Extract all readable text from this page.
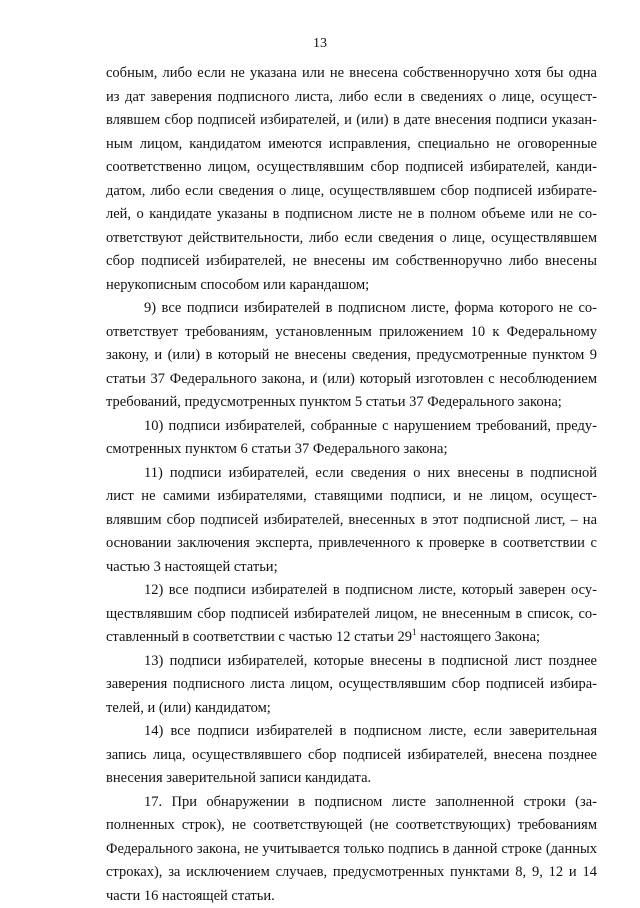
13

собным, либо если не указана или не внесена собственноручно хотя бы одна из дат заверения подписного листа, либо если в сведениях о лице, осуществлявшем сбор подписей избирателей, и (или) в дате внесения подписи указанным лицом, кандидатом имеются исправления, специально не оговоренные соответственно лицом, осуществлявшим сбор подписей избирателей, кандидатом, либо если сведения о лице, осуществлявшем сбор подписей избирателей, о кандидате указаны в подписном листе не в полном объеме или не соответствуют действительности, либо если сведения о лице, осуществлявшем сбор подписей избирателей, не внесены им собственноручно либо внесены нерукописным способом или карандашом;

9) все подписи избирателей в подписном листе, форма которого не соответствует требованиям, установленным приложением 10 к Федеральному закону, и (или) в который не внесены сведения, предусмотренные пунктом 9 статьи 37 Федерального закона, и (или) который изготовлен с несоблюдением требований, предусмотренных пунктом 5 статьи 37 Федерального закона;

10) подписи избирателей, собранные с нарушением требований, предусмотренных пунктом 6 статьи 37 Федерального закона;

11) подписи избирателей, если сведения о них внесены в подписной лист не самими избирателями, ставящими подписи, и не лицом, осуществлявшим сбор подписей избирателей, внесенных в этот подписной лист, – на основании заключения эксперта, привлеченного к проверке в соответствии с частью 3 настоящей статьи;

12) все подписи избирателей в подписном листе, который заверен осуществлявшим сбор подписей избирателей лицом, не внесенным в список, составленный в соответствии с частью 12 статьи $29^1$ настоящего Закона;

13) подписи избирателей, которые внесены в подписной лист позднее заверения подписного листа лицом, осуществлявшим сбор подписей избирателей, и (или) кандидатом;

14) все подписи избирателей в подписном листе, если заверительная запись лица, осуществлявшего сбор подписей избирателей, внесена позднее внесения заверительной записи кандидата.

17. При обнаружении в подписном листе заполненной строки (заполненных строк), не соответствующей (не соответствующих) требованиям Федерального закона, не учитывается только подпись в данной строке (данных строках), за исключением случаев, предусмотренных пунктами 8, 9, 12 и 14 части 16 настоящей статьи.
